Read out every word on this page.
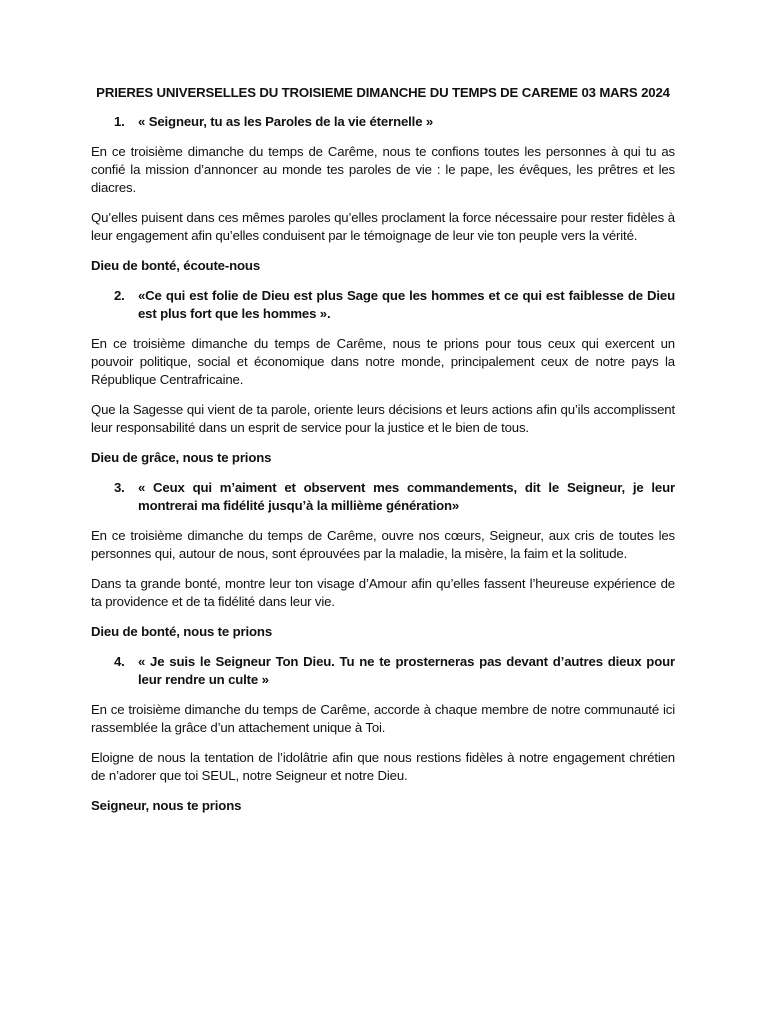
PRIERES UNIVERSELLES DU TROISIEME DIMANCHE DU TEMPS DE CAREME 03 MARS 2024
1.	« Seigneur, tu as les Paroles de la vie éternelle »

En ce troisième dimanche du temps de Carême, nous te confions toutes les personnes à qui tu as confié la mission d’annoncer au monde tes paroles de vie : le pape, les évêques, les prêtres et les diacres.

Qu’elles puisent dans ces mêmes paroles qu’elles proclament la force nécessaire pour rester fidèles à leur engagement afin qu’elles conduisent par le témoignage de leur vie ton peuple vers la vérité.

Dieu de bonté, écoute-nous

2.	«Ce qui est folie de Dieu est plus Sage que les hommes et ce qui est faiblesse de Dieu est plus fort que les hommes ».

En ce troisième dimanche du temps de Carême, nous te prions pour tous ceux qui exercent un pouvoir politique, social et économique dans notre monde, principalement ceux de notre pays la République Centrafricaine.

Que la Sagesse qui vient de ta parole, oriente leurs décisions et leurs actions afin qu’ils accomplissent leur responsabilité dans un esprit de service pour la justice et le bien de tous.

Dieu de grâce, nous te prions

3.	« Ceux qui m’aiment et observent mes commandements, dit le Seigneur, je leur montrerai ma fidélité jusqu’à la millième génération»

En ce troisième dimanche du temps de Carême, ouvre nos cœurs, Seigneur, aux cris de toutes les personnes qui, autour de nous, sont éprouvées par la maladie, la misère, la faim et la solitude.

Dans ta grande bonté, montre leur ton visage d’Amour afin qu’elles fassent l’heureuse expérience de ta providence et de ta fidélité dans leur vie.

Dieu de bonté, nous te prions

4.	« Je suis le Seigneur Ton Dieu. Tu ne te prosterneras pas devant d’autres dieux pour leur rendre un culte »

En ce troisième dimanche du temps de Carême, accorde à chaque membre de notre communauté ici rassemblée la grâce d’un attachement unique à Toi.

Eloigne de nous la tentation de l’idolâtrie afin que nous restions fidèles à notre engagement chrétien de n’adorer que toi SEUL, notre Seigneur et notre Dieu.

Seigneur, nous te prions
